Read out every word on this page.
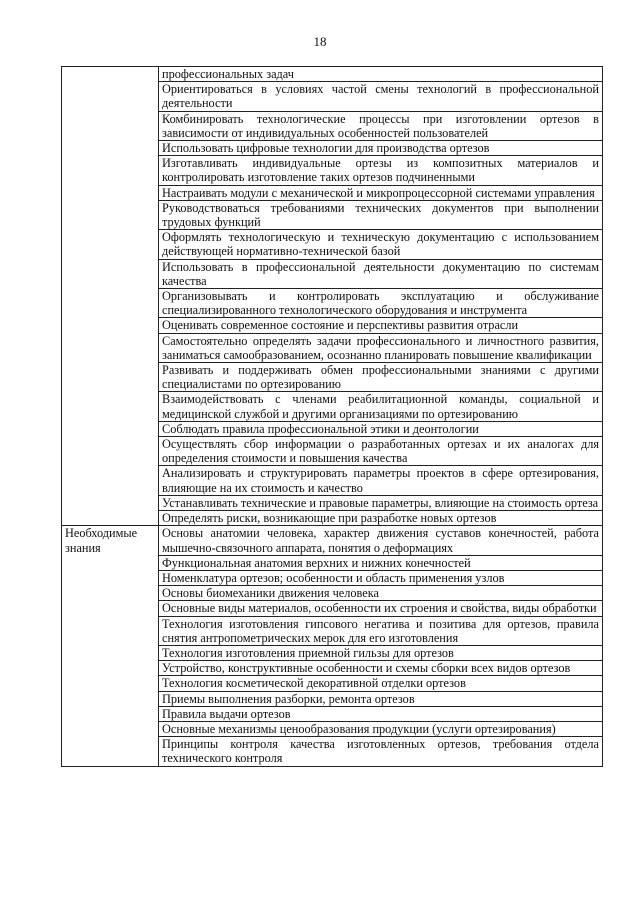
18
	профессиональных задач
	Ориентироваться в условиях частой смены технологий в профессиональной деятельности
	Комбинировать технологические процессы при изготовлении ортезов в зависимости от индивидуальных особенностей пользователей
	Использовать цифровые технологии для производства ортезов
	Изготавливать индивидуальные ортезы из композитных материалов и контролировать изготовление таких ортезов подчиненными
	Настраивать модули с механической и микропроцессорной системами управления
	Руководствоваться требованиями технических документов при выполнении трудовых функций
	Оформлять технологическую и техническую документацию с использованием действующей нормативно-технической базой
	Использовать в профессиональной деятельности документацию по системам качества
	Организовывать и контролировать эксплуатацию и обслуживание специализированного технологического оборудования и инструмента
	Оценивать современное состояние и перспективы развития отрасли
	Самостоятельно определять задачи профессионального и личностного развития, заниматься самообразованием, осознанно планировать повышение квалификации
	Развивать и поддерживать обмен профессиональными знаниями с другими специалистами по ортезированию
	Взаимодействовать с членами реабилитационной команды, социальной и медицинской службой и другими организациями по ортезированию
	Соблюдать правила профессиональной этики и деонтологии
	Осуществлять сбор информации о разработанных ортезах и их аналогах для определения стоимости и повышения качества
	Анализировать и структурировать параметры проектов в сфере ортезирования, влияющие на их стоимость и качество
	Устанавливать технические и правовые параметры, влияющие на стоимость ортеза
	Определять риски, возникающие при разработке новых ортезов
Необходимые знания	Основы анатомии человека, характер движения суставов конечностей, работа мышечно-связочного аппарата, понятия о деформациях
	Функциональная анатомия верхних и нижних конечностей
	Номенклатура ортезов; особенности и область применения узлов
	Основы биомеханики движения человека
	Основные виды материалов, особенности их строения и свойства, виды обработки
	Технология изготовления гипсового негатива и позитива для ортезов, правила снятия антропометрических мерок для его изготовления
	Технология изготовления приемной гильзы для ортезов
	Устройство, конструктивные особенности и схемы сборки всех видов ортезов
	Технология косметической декоративной отделки ортезов
	Приемы выполнения разборки, ремонта ортезов
	Правила выдачи ортезов
	Основные механизмы ценообразования продукции (услуги ортезирования)
	Принципы контроля качества изготовленных ортезов, требования отдела технического контроля
